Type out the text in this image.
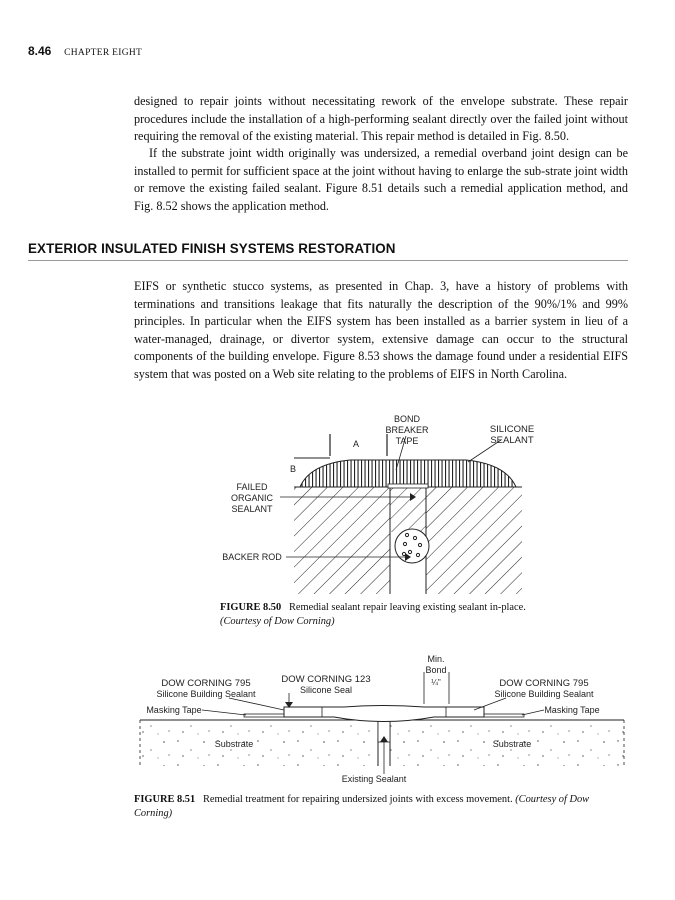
8.46 CHAPTER EIGHT

designed to repair joints without necessitating rework of the envelope substrate. These repair procedures include the installation of a high-performing sealant directly over the failed joint without requiring the removal of the existing material. This repair method is detailed in Fig. 8.50.

If the substrate joint width originally was undersized, a remedial overband joint design can be installed to permit for sufficient space at the joint without having to enlarge the sub-strate joint width or remove the existing failed sealant. Figure 8.51 details such a remedial application method, and Fig. 8.52 shows the application method.

EXTERIOR INSULATED FINISH SYSTEMS RESTORATION

EIFS or synthetic stucco systems, as presented in Chap. 3, have a history of problems with terminations and transitions leakage that fits naturally the description of the 90%/1% and 99% principles. In particular when the EIFS system has been installed as a barrier system in lieu of a water-managed, drainage, or divertor system, extensive damage can occur to the structural components of the building envelope. Figure 8.53 shows the damage found under a residential EIFS system that was posted on a Web site relating to the problems of EIFS in North Carolina.

BOND
BREAKER
TAPE
SILICONE
SEALANT
A
B
FAILED
ORGANIC
SEALANT
BACKER ROD

FIGURE 8.50 Remedial sealant repair leaving existing sealant in-place. (Courtesy of Dow Corning)

DOW CORNING 795
Silicone Building Sealant
DOW CORNING 123
Silicone Seal
Min.
Bond
¼"	DOW CORNING 795
Silicone Building Sealant
Masking Tape	Masking Tape
Substrate	Substrate
Existing Sealant

FIGURE 8.51 Remedial treatment for repairing undersized joints with excess movement. (Courtesy of Dow Corning)
